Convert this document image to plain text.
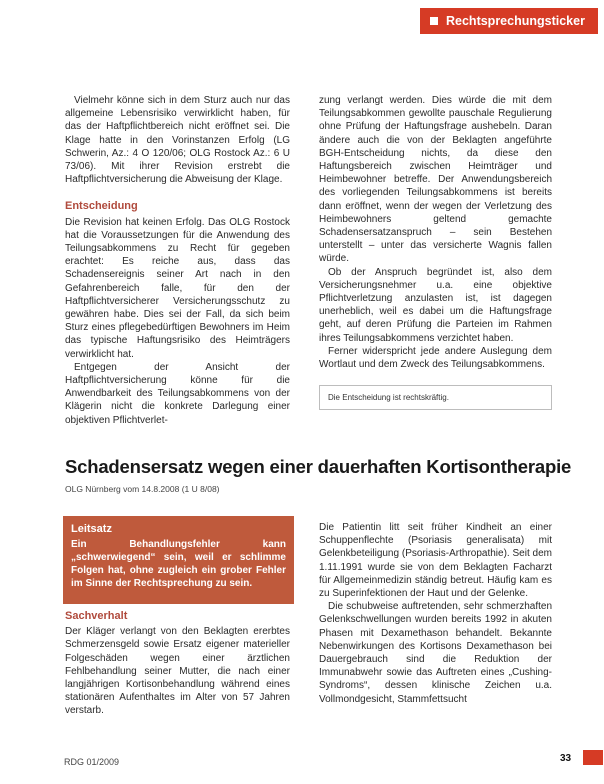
Rechtsprechungsticker

Vielmehr könne sich in dem Sturz auch nur das allgemeine Lebensrisiko verwirklicht haben, für das der Haftpflichtbereich nicht eröffnet sei. Die Klage hatte in den Vorinstanzen Erfolg (LG Schwerin, Az.: 4 O 120/06; OLG Rostock Az.: 6 U 73/06). Mit ihrer Revision erstrebt die Haftpflichtversicherung die Abweisung der Klage.

Entscheidung

Die Revision hat keinen Erfolg. Das OLG Rostock hat die Voraussetzungen für die Anwendung des Teilungsabkommens zu Recht für gegeben erachtet: Es reiche aus, dass das Schadensereignis seiner Art nach in den Gefahrenbereich falle, für den der Haftpflichtversicherer Versicherungsschutz zu gewähren habe. Dies sei der Fall, da sich beim Sturz eines pflegebedürftigen Bewohners im Heim das typische Haftungsrisiko des Heimträgers verwirklicht hat.

Entgegen der Ansicht der Haftpflichtversicherung könne für die Anwendbarkeit des Teilungsabkommens von der Klägerin nicht die konkrete Darlegung einer objektiven Pflichtverlet-

zung verlangt werden. Dies würde die mit dem Teilungsabkommen gewollte pauschale Regulierung ohne Prüfung der Haftungsfrage aushebeln. Daran ändere auch die von der Beklagten angeführte BGH-Entscheidung nichts, da diese den Haftungsbereich zwischen Heimträger und Heimbewohner betreffe. Der Anwendungsbereich des vorliegenden Teilungsabkommens ist bereits dann eröffnet, wenn der wegen der Verletzung des Heimbewohners geltend gemachte Schadensersatzanspruch – sein Bestehen unterstellt – unter das versicherte Wagnis fallen würde.

Ob der Anspruch begründet ist, also dem Versicherungsnehmer u.a. eine objektive Pflichtverletzung anzulasten ist, ist dagegen unerheblich, weil es dabei um die Haftungsfrage geht, auf deren Prüfung die Parteien im Rahmen ihres Teilungsabkommens verzichtet haben.

Ferner widerspricht jede andere Auslegung dem Wortlaut und dem Zweck des Teilungsabkommens.

Die Entscheidung ist rechtskräftig.
Schadensersatz wegen einer dauerhaften Kortisontherapie
OLG Nürnberg vom 14.8.2008 (1 U 8/08)
Leitsatz
Ein Behandlungsfehler kann „schwerwiegend“ sein, weil er schlimme Folgen hat, ohne zugleich ein grober Fehler im Sinne der Rechtsprechung zu sein.
Sachverhalt

Der Kläger verlangt von den Beklagten ererbtes Schmerzensgeld sowie Ersatz eigener materieller Folgeschäden wegen einer ärztlichen Fehlbehandlung seiner Mutter, die nach einer langjährigen Kortisonbehandlung während eines stationären Aufenthaltes im Alter von 57 Jahren verstarb.

Die Patientin litt seit früher Kindheit an einer Schuppenflechte (Psoriasis generalisata) mit Gelenkbeteiligung (Psoriasis-Arthropathie). Seit dem 1.11.1991 wurde sie von dem Beklagten Facharzt für Allgemeinmedizin ständig betreut. Häufig kam es zu Superinfektionen der Haut und der Gelenke.

Die schubweise auftretenden, sehr schmerzhaften Gelenkschwellungen wurden bereits 1992 in akuten Phasen mit Dexamethason behandelt. Bekannte Nebenwirkungen des Kortisons Dexamethason bei Dauergebrauch sind die Reduktion der Immunabwehr sowie das Auftreten eines „Cushing-Syndroms“, dessen klinische Zeichen u.a. Vollmondgesicht, Stammfettsucht

RDG 01/2009	33
